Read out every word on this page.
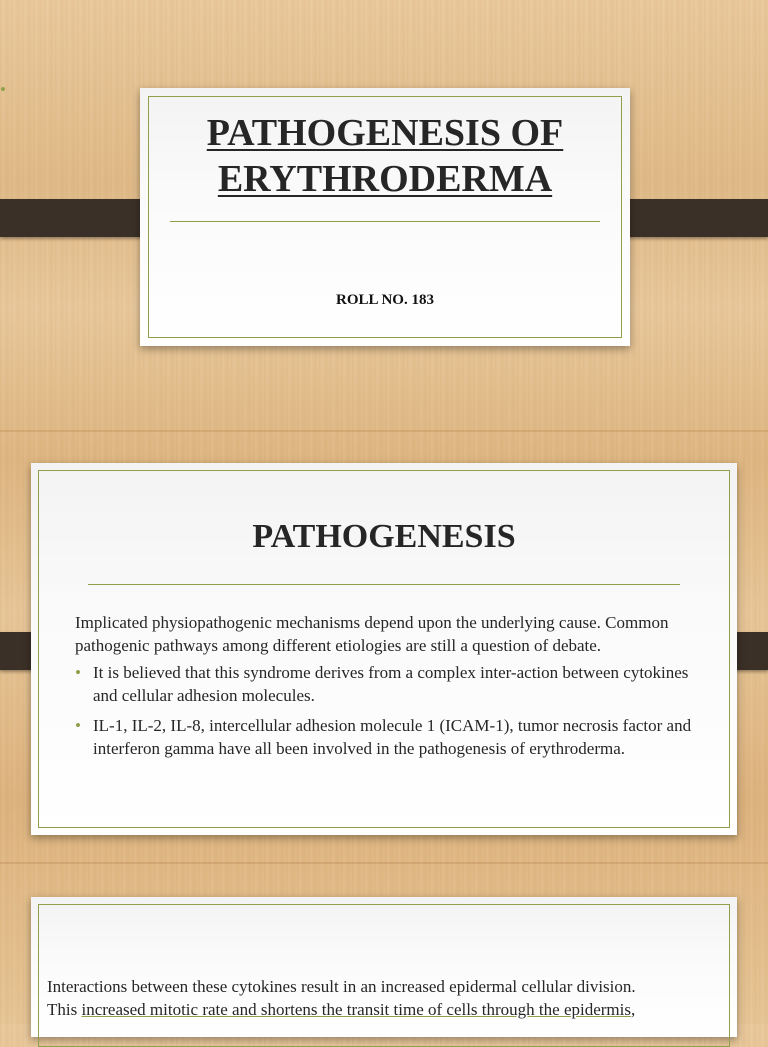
PATHOGENESIS OF
ERYTHRODERMA
ROLL NO. 183
PATHOGENESIS
Implicated physiopathogenic mechanisms depend upon the underlying cause. Common pathogenic pathways among different etiologies are still a question of debate.
• It is believed that this syndrome derives from a complex inter-action between cytokines and cellular adhesion molecules.
• IL-1, IL-2, IL-8, intercellular adhesion molecule 1 (ICAM-1), tumor necrosis factor and interferon gamma have all been involved in the pathogenesis of erythroderma.
Interactions between these cytokines result in an increased epidermal cellular division.
This increased mitotic rate and shortens the transit time of cells through the epidermis,
•
